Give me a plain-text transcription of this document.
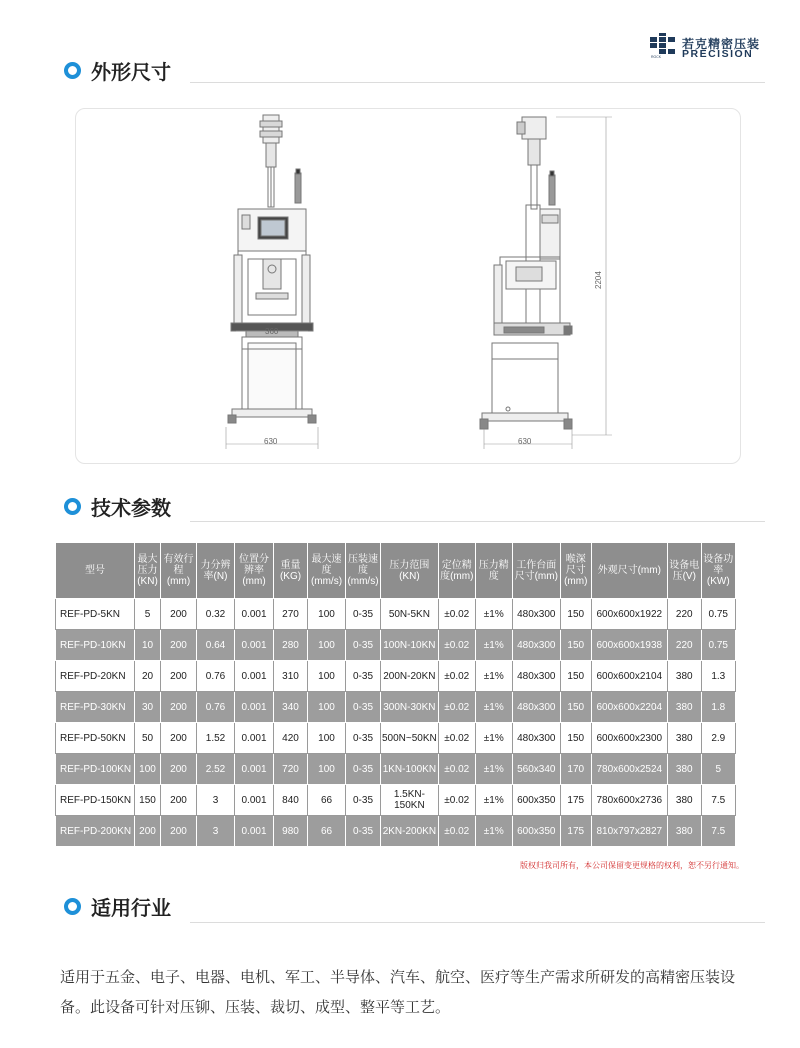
ROCK
若克精密压装
PRECISION
外形尺寸
360
630	630
2204
技术参数
型号	最大压力(KN)	有效行程(mm)	力分辨率(N)	位置分辨率(mm)	重量(KG)	最大速度(mm/s)	压装速度(mm/s)	压力范围(KN)	定位精度(mm)	压力精度	工作台面尺寸(mm)	喉深尺寸(mm)	外观尺寸(mm)	设备电压(V)	设备功率(KW)
REF-PD-5KN	5	200	0.32	0.001	270	100	0-35	50N-5KN	±0.02	±1%	480x300	150	600x600x1922	220	0.75
REF-PD-10KN	10	200	0.64	0.001	280	100	0-35	100N-10KN	±0.02	±1%	480x300	150	600x600x1938	220	0.75
REF-PD-20KN	20	200	0.76	0.001	310	100	0-35	200N-20KN	±0.02	±1%	480x300	150	600x600x2104	380	1.3
REF-PD-30KN	30	200	0.76	0.001	340	100	0-35	300N-30KN	±0.02	±1%	480x300	150	600x600x2204	380	1.8
REF-PD-50KN	50	200	1.52	0.001	420	100	0-35	500N~50KN	±0.02	±1%	480x300	150	600x600x2300	380	2.9
REF-PD-100KN	100	200	2.52	0.001	720	100	0-35	1KN-100KN	±0.02	±1%	560x340	170	780x600x2524	380	5
REF-PD-150KN	150	200	3	0.001	840	66	0-35	1.5KN-150KN	±0.02	±1%	600x350	175	780x600x2736	380	7.5
REF-PD-200KN	200	200	3	0.001	980	66	0-35	2KN-200KN	±0.02	±1%	600x350	175	810x797x2827	380	7.5
版权归我司所有，本公司保留变更规格的权利，恕不另行通知。
适用行业

适用于五金、电子、电器、电机、军工、半导体、汽车、航空、医疗等生产需求所研发的高精密压装设备。此设备可针对压铆、压装、裁切、成型、整平等工艺。
